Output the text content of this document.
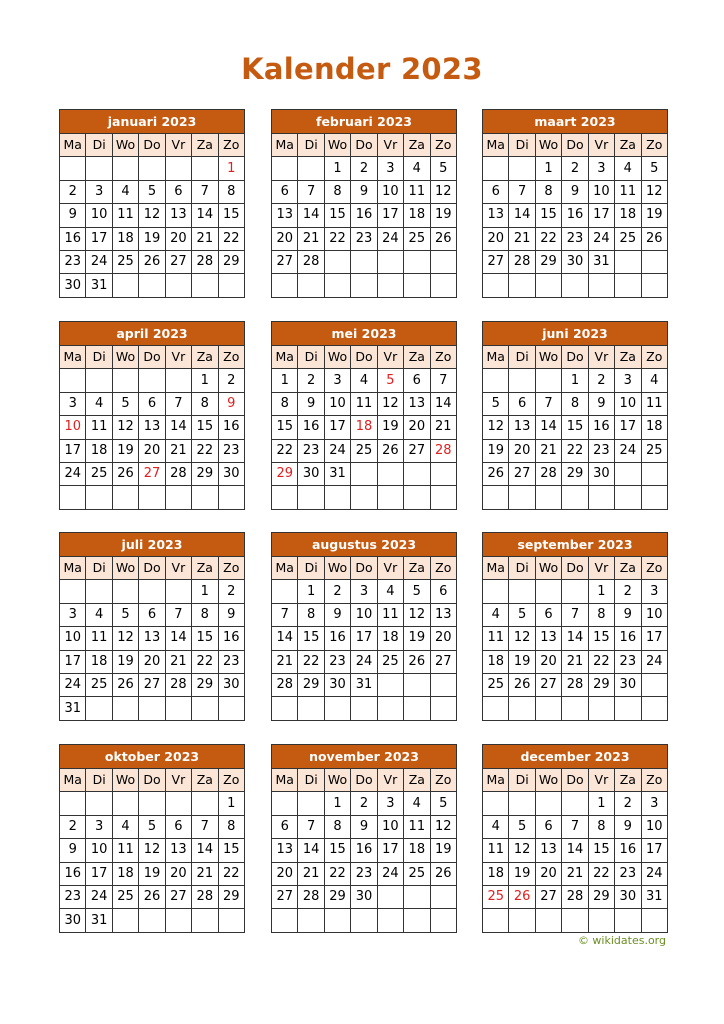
Kalender 2023
januari 2023
Ma	Di	Wo	Do	Vr	Za	Zo
						1
2	3	4	5	6	7	8
9	10	11	12	13	14	15
16	17	18	19	20	21	22
23	24	25	26	27	28	29
30	31					
februari 2023
Ma	Di	Wo	Do	Vr	Za	Zo
		1	2	3	4	5
6	7	8	9	10	11	12
13	14	15	16	17	18	19
20	21	22	23	24	25	26
27	28					

maart 2023
Ma	Di	Wo	Do	Vr	Za	Zo
		1	2	3	4	5
6	7	8	9	10	11	12
13	14	15	16	17	18	19
20	21	22	23	24	25	26
27	28	29	30	31		

april 2023
Ma	Di	Wo	Do	Vr	Za	Zo
					1	2
3	4	5	6	7	8	9
10	11	12	13	14	15	16
17	18	19	20	21	22	23
24	25	26	27	28	29	30

mei 2023
Ma	Di	Wo	Do	Vr	Za	Zo
1	2	3	4	5	6	7
8	9	10	11	12	13	14
15	16	17	18	19	20	21
22	23	24	25	26	27	28
29	30	31				

juni 2023
Ma	Di	Wo	Do	Vr	Za	Zo
			1	2	3	4
5	6	7	8	9	10	11
12	13	14	15	16	17	18
19	20	21	22	23	24	25
26	27	28	29	30		

juli 2023
Ma	Di	Wo	Do	Vr	Za	Zo
					1	2
3	4	5	6	7	8	9
10	11	12	13	14	15	16
17	18	19	20	21	22	23
24	25	26	27	28	29	30
31						
augustus 2023
Ma	Di	Wo	Do	Vr	Za	Zo
	1	2	3	4	5	6
7	8	9	10	11	12	13
14	15	16	17	18	19	20
21	22	23	24	25	26	27
28	29	30	31			

september 2023
Ma	Di	Wo	Do	Vr	Za	Zo
				1	2	3
4	5	6	7	8	9	10
11	12	13	14	15	16	17
18	19	20	21	22	23	24
25	26	27	28	29	30	

oktober 2023
Ma	Di	Wo	Do	Vr	Za	Zo
						1
2	3	4	5	6	7	8
9	10	11	12	13	14	15
16	17	18	19	20	21	22
23	24	25	26	27	28	29
30	31					
november 2023
Ma	Di	Wo	Do	Vr	Za	Zo
		1	2	3	4	5
6	7	8	9	10	11	12
13	14	15	16	17	18	19
20	21	22	23	24	25	26
27	28	29	30			

december 2023
Ma	Di	Wo	Do	Vr	Za	Zo
				1	2	3
4	5	6	7	8	9	10
11	12	13	14	15	16	17
18	19	20	21	22	23	24
25	26	27	28	29	30	31

© wikidates.org
